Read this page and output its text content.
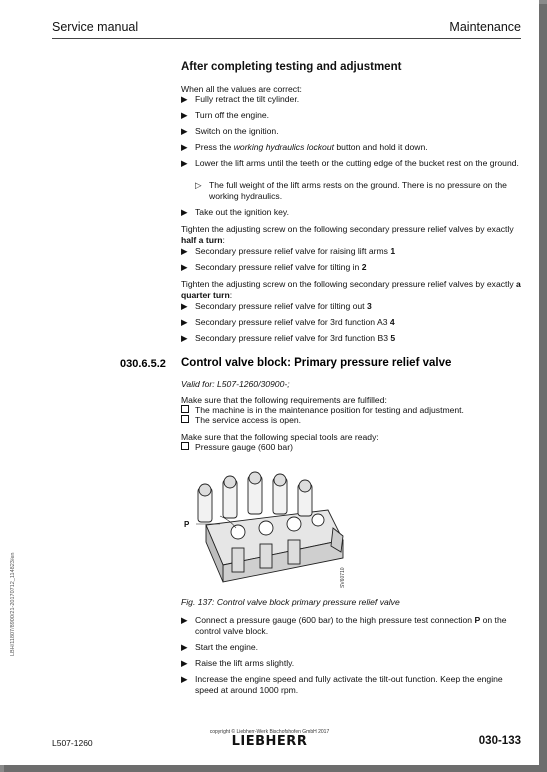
Service manual	Maintenance
LBH/11807/8900/21-20170712_114823/en
After completing testing and adjustment
When all the values are correct:
▶ Fully retract the tilt cylinder.
▶ Turn off the engine.
▶ Switch on the ignition.
▶ Press the working hydraulics lockout button and hold it down.
▶ Lower the lift arms until the teeth or the cutting edge of the bucket rest on the ground.
▷ The full weight of the lift arms rests on the ground. There is no pressure on the working hydraulics.
▶ Take out the ignition key.
Tighten the adjusting screw on the following secondary pressure relief valves by exactly half a turn:
▶ Secondary pressure relief valve for raising lift arms 1
▶ Secondary pressure relief valve for tilting in 2
Tighten the adjusting screw on the following secondary pressure relief valves by exactly a quarter turn:
▶ Secondary pressure relief valve for tilting out 3
▶ Secondary pressure relief valve for 3rd function A3 4
▶ Secondary pressure relief valve for 3rd function B3 5
030.6.5.2 Control valve block: Primary pressure relief valve
Valid for: L507-1260/30900-;
Make sure that the following requirements are fulfilled:
The machine is in the maintenance position for testing and adjustment.
The service access is open.
Make sure that the following special tools are ready:
Pressure gauge (600 bar)
P
SV60710
Fig. 137: Control valve block primary pressure relief valve
▶ Connect a pressure gauge (600 bar) to the high pressure test connection P on the control valve block.
▶ Start the engine.
▶ Raise the lift arms slightly.
▶ Increase the engine speed and fully activate the tilt-out function. Keep the engine speed at around 1000 rpm.
copyright © Liebherr-Werk Bischofshofen GmbH 2017
LIEBHERR
L507-1260	030-133
